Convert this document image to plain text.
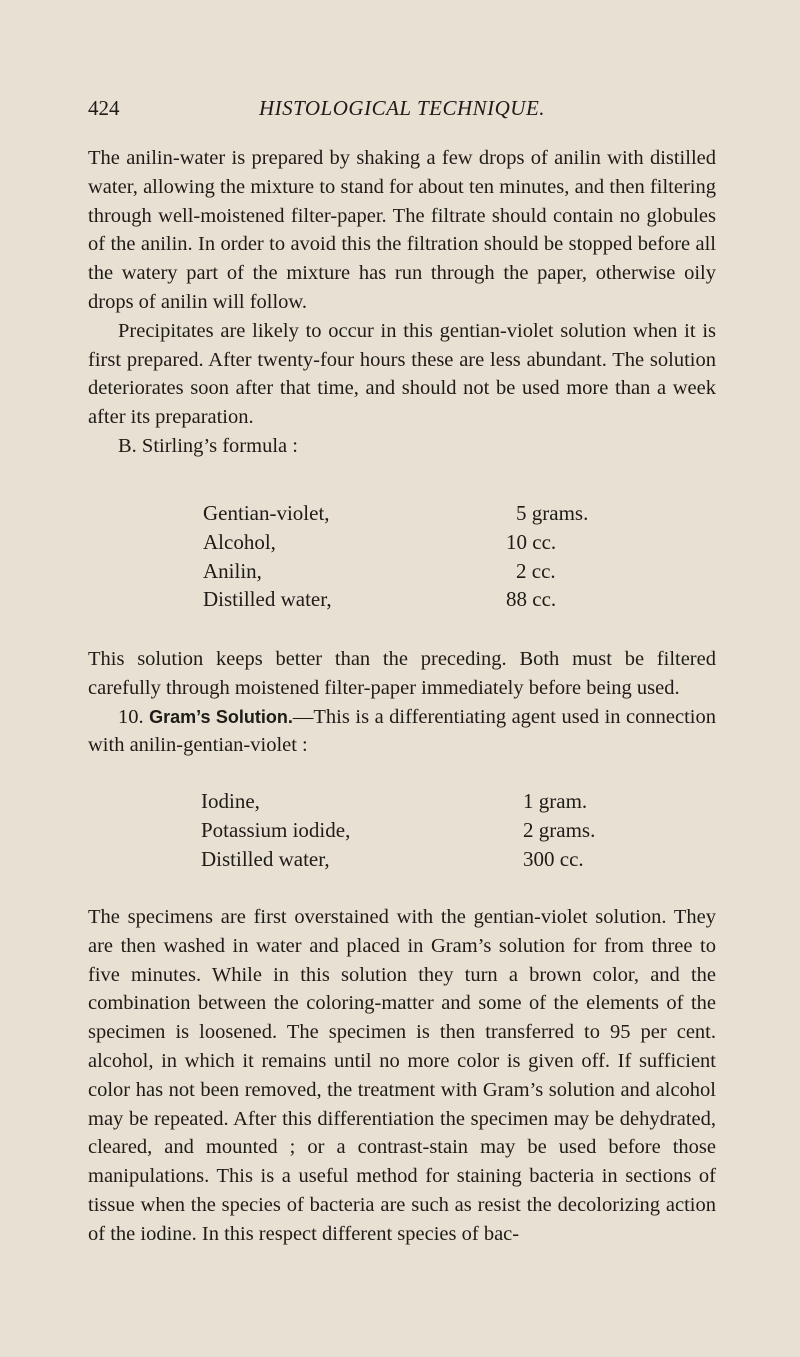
424	HISTOLOGICAL TECHNIQUE.

The anilin-water is prepared by shaking a few drops of anilin with distilled water, allowing the mixture to stand for about ten minutes, and then filtering through well-moistened filter-paper. The filtrate should contain no globules of the anilin. In order to avoid this the filtration should be stopped before all the watery part of the mixture has run through the paper, otherwise oily drops of anilin will follow.

Precipitates are likely to occur in this gentian-violet solution when it is first prepared. After twenty-four hours these are less abundant. The solution deteriorates soon after that time, and should not be used more than a week after its preparation.

B. Stirling’s formula :

Gentian-violet,	5 grams.
Alcohol,	10 cc.
Anilin,	2 cc.
Distilled water,	88 cc.

This solution keeps better than the preceding. Both must be filtered carefully through moistened filter-paper immediately before being used.

10. Gram’s Solution.—This is a differentiating agent used in connection with anilin-gentian-violet :

Iodine,	1 gram.
Potassium iodide,	2 grams.
Distilled water,	300 cc.

The specimens are first overstained with the gentian-violet solution. They are then washed in water and placed in Gram’s solution for from three to five minutes. While in this solution they turn a brown color, and the combination between the coloring-matter and some of the elements of the specimen is loosened. The specimen is then transferred to 95 per cent. alcohol, in which it remains until no more color is given off. If sufficient color has not been removed, the treatment with Gram’s solution and alcohol may be repeated. After this differentiation the specimen may be dehydrated, cleared, and mounted ; or a contrast-stain may be used before those manipulations. This is a useful method for staining bacteria in sections of tissue when the species of bacteria are such as resist the decolorizing action of the iodine. In this respect different species of bac-
